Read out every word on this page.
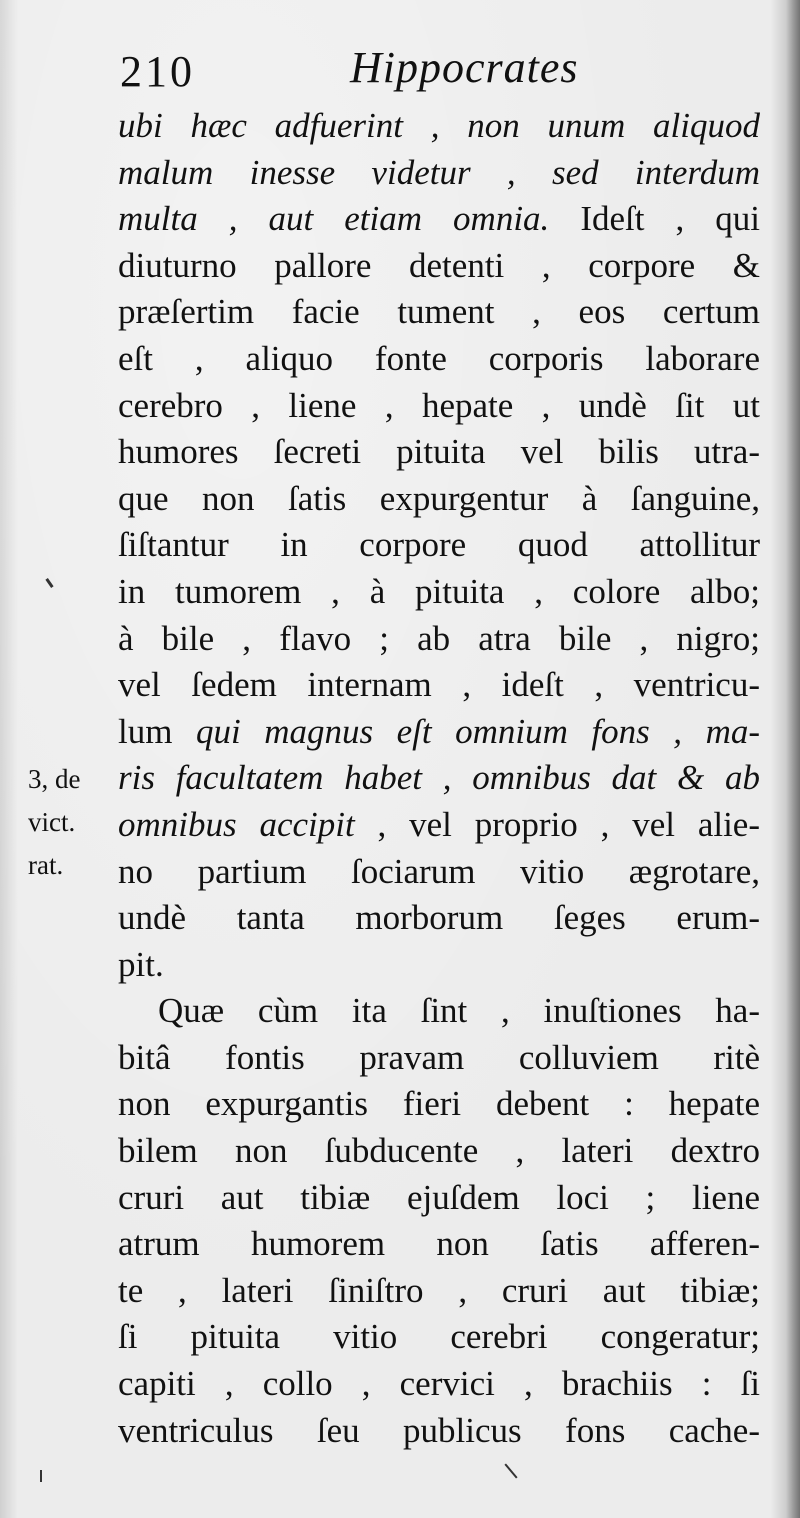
210	Hippocrates
3, de
vict.
rat.
ubi hæc adfuerint , non unum aliquod
malum inesse videtur , sed interdum
multa , aut etiam omnia. Ideſt , qui
diuturno pallore detenti , corpore &
præſertim facie tument , eos certum
eſt , aliquo fonte corporis laborare
cerebro , liene , hepate , undè ſit ut
humores ſecreti pituita vel bilis utra-
que non ſatis expurgentur à ſanguine,
ſiſtantur in corpore quod attollitur
in tumorem , à pituita , colore albo;
à bile , flavo ; ab atra bile , nigro;
vel ſedem internam , ideſt , ventricu-
lum qui magnus eſt omnium fons , ma-
ris facultatem habet , omnibus dat & ab
omnibus accipit , vel proprio , vel alie-
no partium ſociarum vitio ægrotare,
undè tanta morborum ſeges erum-
pit.
Quæ cùm ita ſint , inuſtiones ha-
bitâ fontis pravam colluviem ritè
non expurgantis fieri debent : hepate
bilem non ſubducente , lateri dextro
cruri aut tibiæ ejuſdem loci ; liene
atrum humorem non ſatis afferen-
te , lateri ſiniſtro , cruri aut tibiæ;
ſi pituita vitio cerebri congeratur;
capiti , collo , cervici , brachiis : ſi
ventriculus ſeu publicus fons cache-
